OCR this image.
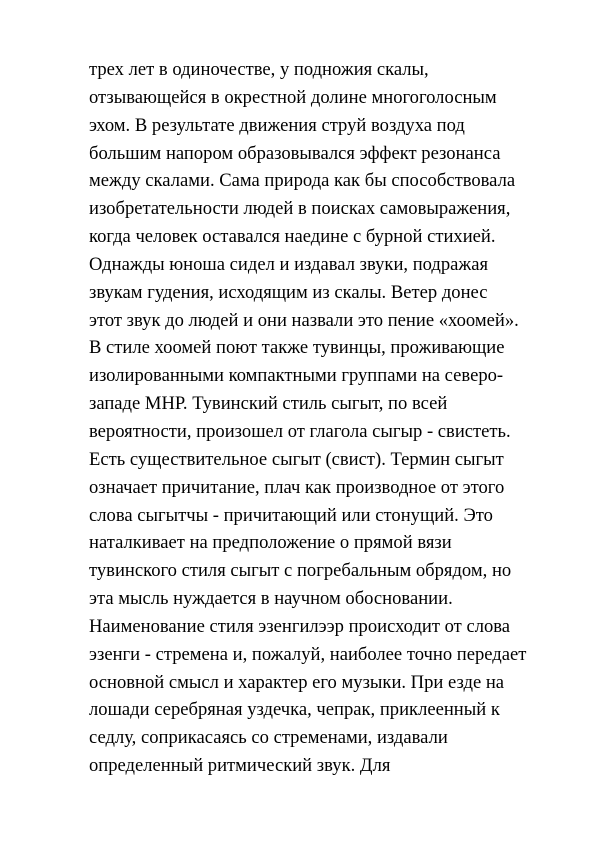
трех лет в одиночестве, у подножия скалы,
отзывающейся в окрестной долине многоголосным
эхом. В результате движения струй воздуха под
большим напором образовывался эффект резонанса
между скалами. Сама природа как бы способствовала
изобретательности людей в поисках самовыражения,
когда человек оставался наедине с бурной стихией.
Однажды юноша сидел и издавал звуки, подражая
звукам гудения, исходящим из скалы. Ветер донес
этот звук до людей и они назвали это пение «хоомей».
В стиле хоомей поют также тувинцы, проживающие
изолированными компактными группами на северо-
западе МНР. Тувинский стиль сыгыт, по всей
вероятности, произошел от глагола сыгыр - свистеть.
Есть существительное сыгыт (свист). Термин сыгыт
означает причитание, плач как производное от этого
слова сыгытчы - причитающий или стонущий. Это
наталкивает на предположение о прямой вязи
тувинского стиля сыгыт с погребальным обрядом, но
эта мысль нуждается в научном обосновании.
Наименование стиля эзенгилээр происходит от слова
эзенги - стремена и, пожалуй, наиболее точно передает
основной смысл и характер его музыки. При езде на
лошади серебряная уздечка, чепрак, приклеенный к
седлу, соприкасаясь со стременами, издавали
определенный ритмический звук. Для
